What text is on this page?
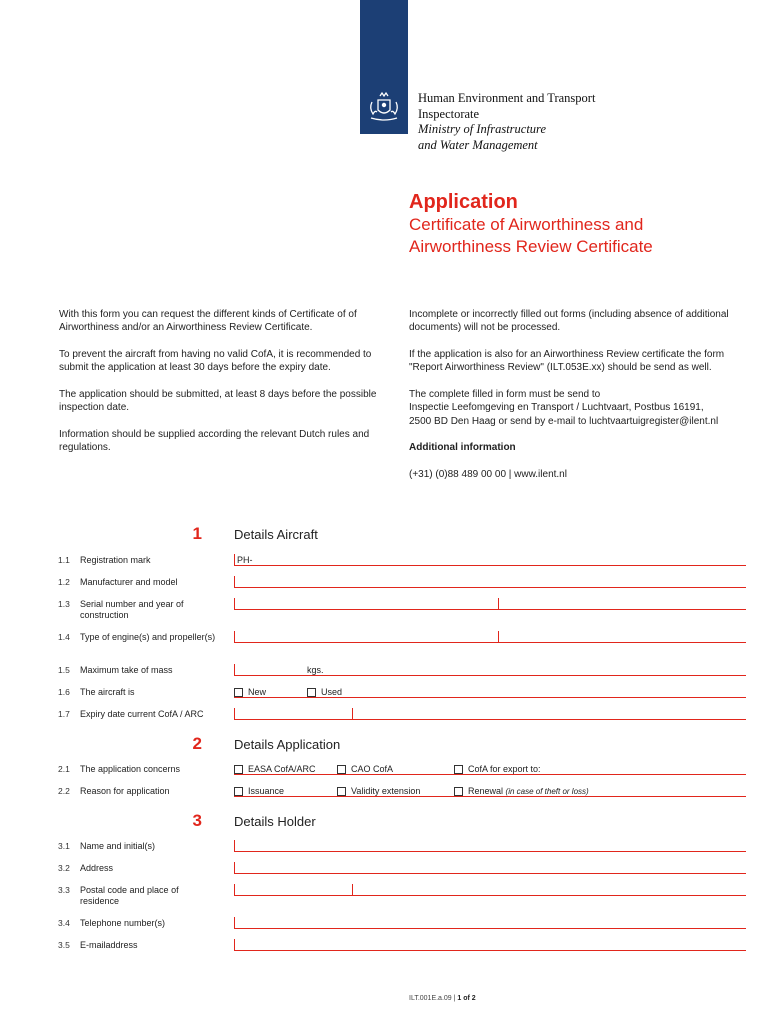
Human Environment and Transport
Inspectorate
Ministry of Infrastructure
and Water Management
Application
Certificate of Airworthiness and
Airworthiness Review Certificate

With this form you can request the different kinds of Certificate of of Airworthiness and/or an Airworthiness Review Certificate.

To prevent the aircraft from having no valid CofA, it is recommended to submit the application at least 30 days before the expiry date.

The application should be submitted, at least 8 days before the possible inspection date.

Information should be supplied according the relevant Dutch rules and regulations.

Incomplete or incorrectly filled out forms (including absence of additional documents) will not be processed.

If the application is also for an Airworthiness Review certificate the form "Report Airworthiness Review" (ILT.053E.xx) should be send as well.

The complete filled in form must be send to

Inspectie Leefomgeving en Transport / Luchtvaart, Postbus 16191,

2500 BD Den Haag or send by e-mail to luchtvaartuigregister@ilent.nl

Additional information

(+31) (0)88 489 00 00 | www.ilent.nl

1 Details Aircraft
1.1 Registration mark	PH-
1.2 Manufacturer and model
1.3 Serial number and year of construction
1.4 Type of engine(s) and propeller(s)
1.5 Maximum take of mass	kgs.
1.6 The aircraft is	New	Used
1.7 Expiry date current CofA / ARC
2 Details Application
2.1 The application concerns	EASA CofA/ARC	CAO CofA	CofA for export to:
2.2 Reason for application	Issuance	Validity extension	Renewal (in case of theft or loss)
3 Details Holder
3.1 Name and initial(s)
3.2 Address
3.3 Postal code and place of residence
3.4 Telephone number(s)
3.5 E-mailaddress
ILT.001E.a.09 | 1 of 2
